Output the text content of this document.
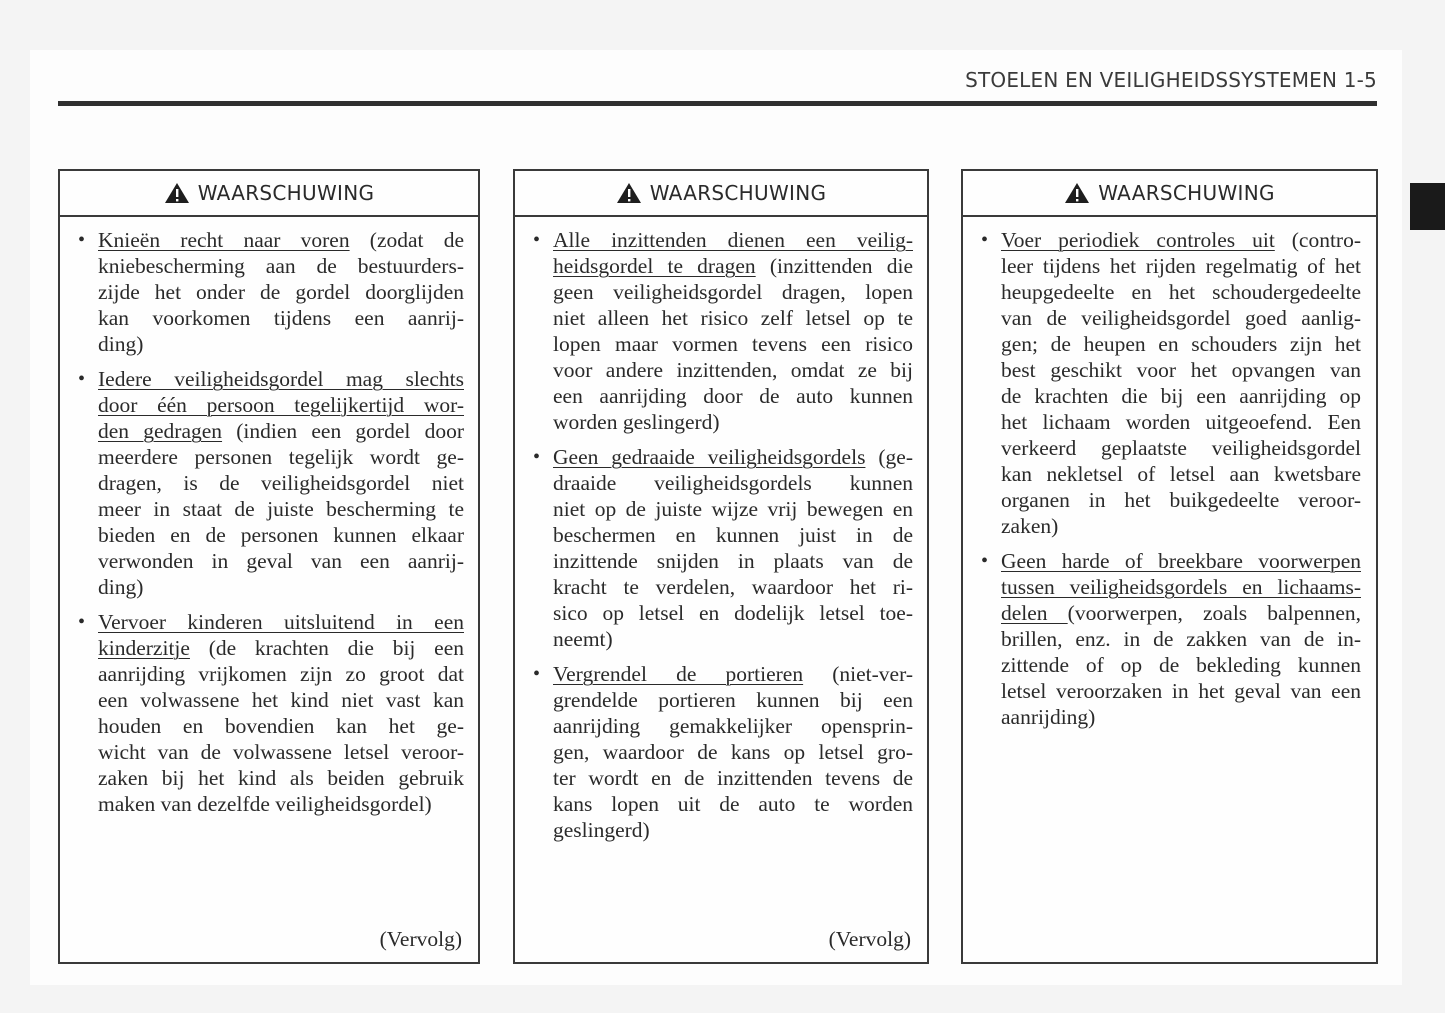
STOELEN EN VEILIGHEIDSSYSTEMEN 1-5
WAARSCHUWING
• Knieën recht naar voren (zodat de
kniebescherming aan de bestuurders-
zijde het onder de gordel doorglijden
kan voorkomen tijdens een aanrij-
ding)
• Iedere veiligheidsgordel mag slechts
door één persoon tegelijkertijd wor-
den gedragen (indien een gordel door
meerdere personen tegelijk wordt ge-
dragen, is de veiligheidsgordel niet
meer in staat de juiste bescherming te
bieden en de personen kunnen elkaar
verwonden in geval van een aanrij-
ding)
• Vervoer kinderen uitsluitend in een
kinderzitje (de krachten die bij een
aanrijding vrijkomen zijn zo groot dat
een volwassene het kind niet vast kan
houden en bovendien kan het ge-
wicht van de volwassene letsel veroor-
zaken bij het kind als beiden gebruik
maken van dezelfde veiligheidsgordel)
(Vervolg)
WAARSCHUWING
• Alle inzittenden dienen een veilig-
heidsgordel te dragen (inzittenden die
geen veiligheidsgordel dragen, lopen
niet alleen het risico zelf letsel op te
lopen maar vormen tevens een risico
voor andere inzittenden, omdat ze bij
een aanrijding door de auto kunnen
worden geslingerd)
• Geen gedraaide veiligheidsgordels (ge-
draaide veiligheidsgordels kunnen
niet op de juiste wijze vrij bewegen en
beschermen en kunnen juist in de
inzittende snijden in plaats van de
kracht te verdelen, waardoor het ri-
sico op letsel en dodelijk letsel toe-
neemt)
• Vergrendel de portieren (niet-ver-
grendelde portieren kunnen bij een
aanrijding gemakkelijker opensprin-
gen, waardoor de kans op letsel gro-
ter wordt en de inzittenden tevens de
kans lopen uit de auto te worden
geslingerd)
(Vervolg)
WAARSCHUWING
• Voer periodiek controles uit (contro-
leer tijdens het rijden regelmatig of het
heupgedeelte en het schoudergedeelte
van de veiligheidsgordel goed aanlig-
gen; de heupen en schouders zijn het
best geschikt voor het opvangen van
de krachten die bij een aanrijding op
het lichaam worden uitgeoefend. Een
verkeerd geplaatste veiligheidsgordel
kan nekletsel of letsel aan kwetsbare
organen in het buikgedeelte veroor-
zaken)
• Geen harde of breekbare voorwerpen
tussen veiligheidsgordels en lichaams-
delen (voorwerpen, zoals balpennen,
brillen, enz. in de zakken van de in-
zittende of op de bekleding kunnen
letsel veroorzaken in het geval van een
aanrijding)
